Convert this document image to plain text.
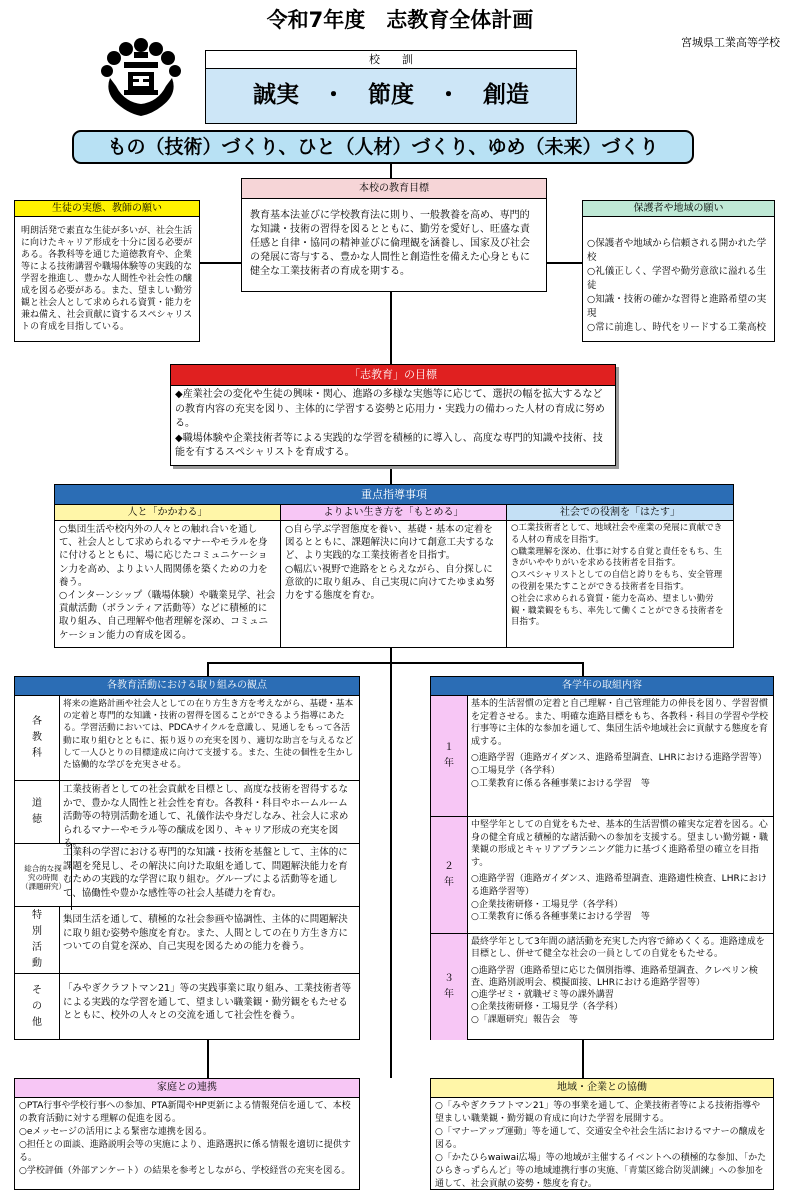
令和7年度　志教育全体計画
宮城県工業高等学校
校　　訓
誠実　・　節度　・　創造
もの（技術）づくり、ひと（人材）づくり、ゆめ（未来）づくり
生徒の実態、教師の願い
明朗活発で素直な生徒が多いが、社会生活に向けたキャリア形成を十分に図る必要がある。各教科等を通じた道徳教育や、企業等による技術講習や職場体験等の実践的な学習を推進し、豊かな人間性や社会性の醸成を図る必要がある。また、望ましい勤労観と社会人として求められる資質・能力を兼ね備え、社会貢献に資するスペシャリストの育成を目指している。
本校の教育目標
教育基本法並びに学校教育法に則り、一般教養を高め、専門的な知識・技術の習得を図るとともに、勤労を愛好し、旺盛な責任感と自律・協同の精神並びに倫理観を涵養し、国家及び社会の発展に寄与する、豊かな人間性と創造性を備えた心身ともに健全な工業技術者の育成を期する。
保護者や地域の願い
○保護者や地域から信頼される開かれた学校
○礼儀正しく、学習や勤労意欲に溢れる生徒
○知識・技術の確かな習得と進路希望の実現
○常に前進し、時代をリードする工業高校
「志教育」の目標
◆産業社会の変化や生徒の興味・関心、進路の多様な実態等に応じて、選択の幅を拡大するなどの教育内容の充実を図り、主体的に学習する姿勢と応用力・実践力の備わった人材の育成に努める。
◆職場体験や企業技術者等による実践的な学習を積極的に導入し、高度な専門的知識や技術、技能を有するスペシャリストを育成する。
重点指導事項
人と「かかわる」
○集団生活や校内外の人々との触れ合いを通して、社会人として求められるマナーやモラルを身に付けるとともに、場に応じたコミュニケーション力を高め、よりよい人間関係を築くための力を養う。
○インターンシップ（職場体験）や職業見学、社会貢献活動（ボランティア活動等）などに積極的に取り組み、自己理解や他者理解を深め、コミュニケーション能力の育成を図る。
よりよい生き方を「もとめる」
○自ら学ぶ学習態度を養い、基礎・基本の定着を図るとともに、課題解決に向けて創意工夫するなど、より実践的な工業技術者を目指す。
○幅広い視野で進路をとらえながら、自分探しに意欲的に取り組み、自己実現に向けてたゆまぬ努力をする態度を育む。
社会での役割を「はたす」
○工業技術者として、地域社会や産業の発展に貢献できる人材の育成を目指す。
○職業理解を深め、仕事に対する自覚と責任をもち、生きがいややりがいを求める技術者を目指す。
○スペシャリストとしての自信と誇りをもち、安全管理の役割を果たすことができる技術者を目指す。
○社会に求められる資質・能力を高め、望ましい勤労観・職業観をもち、率先して働くことができる技術者を目指す。
各教育活動における取り組みの観点
各
教
科
将来の進路計画や社会人としての在り方生き方を考えながら、基礎・基本の定着と専門的な知識・技術の習得を図ることができるよう指導にあたる。学習活動においては、PDCAサイクルを意識し、見通しをもって各活動に取り組むとともに、振り返りの充実を図り、適切な助言を与えるなどして一人ひとりの目標達成に向けて支援する。また、生徒の個性を生かした協働的な学びを充実させる。
道
徳
工業技術者としての社会貢献を目標とし、高度な技術を習得するなかで、豊かな人間性と社会性を育む。各教科・科目やホームルーム活動等の特別活動を通して、礼儀作法や身だしなみ、社会人に求められるマナーやモラル等の醸成を図り、キャリア形成の充実を図
総合的な探究の時間（課題研究）
工業科の学習における専門的な知識・技術を基盤として、主体的に課題を発見し、その解決に向けた取組を通して、問題解決能力を育むための実践的な学習に取り組む。グループによる活動等を通して、協働性や豊かな感性等の社会人基礎力を育む。
特
別
活
動
集団生活を通して、積極的な社会参画や協調性、主体的に問題解決に取り組む姿勢や態度を育む。また、人間としての在り方生き方についての自覚を深め、自己実現を図るための能力を養う。
そ
の
他
「みやぎクラフトマン21」等の実践事業に取り組み、工業技術者等による実践的な学習を通して、望ましい職業観・勤労観をもたせるとともに、校外の人々との交流を通して社会性を養う。
各学年の取組内容
１
年
基本的生活習慣の定着と自己理解・自己管理能力の伸長を図り、学習習慣を定着させる。また、明確な進路目標をもち、各教科・科目の学習や学校行事等に主体的な参加を通して、集団生活や地域社会に貢献する態度を育成する。
○進路学習（進路ガイダンス、進路希望調査、LHRにおける進路学習等）
○工場見学（各学科）
○工業教育に係る各種事業における学習　等
２
年
中堅学年としての自覚をもたせ、基本的生活習慣の確実な定着を図る。心身の健全育成と積極的な諸活動への参加を支援する。望ましい勤労観・職業観の形成とキャリアプランニング能力に基づく進路希望の確立を目指す。
○進路学習（進路ガイダンス、進路希望調査、進路適性検査、LHRにおける進路学習等）
○企業技術研修・工場見学（各学科）
○工業教育に係る各種事業における学習　等
３
年
最終学年として3年間の諸活動を充実した内容で締めくくる。進路達成を目標とし、併せて健全な社会の一員としての自覚をもたせる。
○進路学習（進路希望に応じた個別指導、進路希望調査、クレペリン検査、進路別説明会、模擬面接、LHRにおける進路学習等）
○進学ゼミ・就職ゼミ等の課外講習
○企業技術研修・工場見学（各学科）
○「課題研究」報告会　等
家庭との連携
○PTA行事や学校行事への参加、PTA新聞やHP更新による情報発信を通して、本校の教育活動に対する理解の促進を図る。
○eメッセージの活用による緊密な連携を図る。
○担任との面談、進路説明会等の実施により、進路選択に係る情報を適切に提供する。
○学校評価（外部アンケート）の結果を参考としながら、学校経営の充実を図る。
地域・企業との協働
○「みやぎクラフトマン21」等の事業を通して、企業技術者等による技術指導や望ましい職業観・勤労観の育成に向けた学習を展開する。
○「マナーアップ運動」等を通して、交通安全や社会生活におけるマナーの醸成を図る。
○「かたひらwaiwai広場」等の地域が主催するイベントへの積極的な参加、「かたひらきっずらんど」等の地域連携行事の実施、「青葉区総合防災訓練」への参加を通して、社会貢献の姿勢・態度を育む。
